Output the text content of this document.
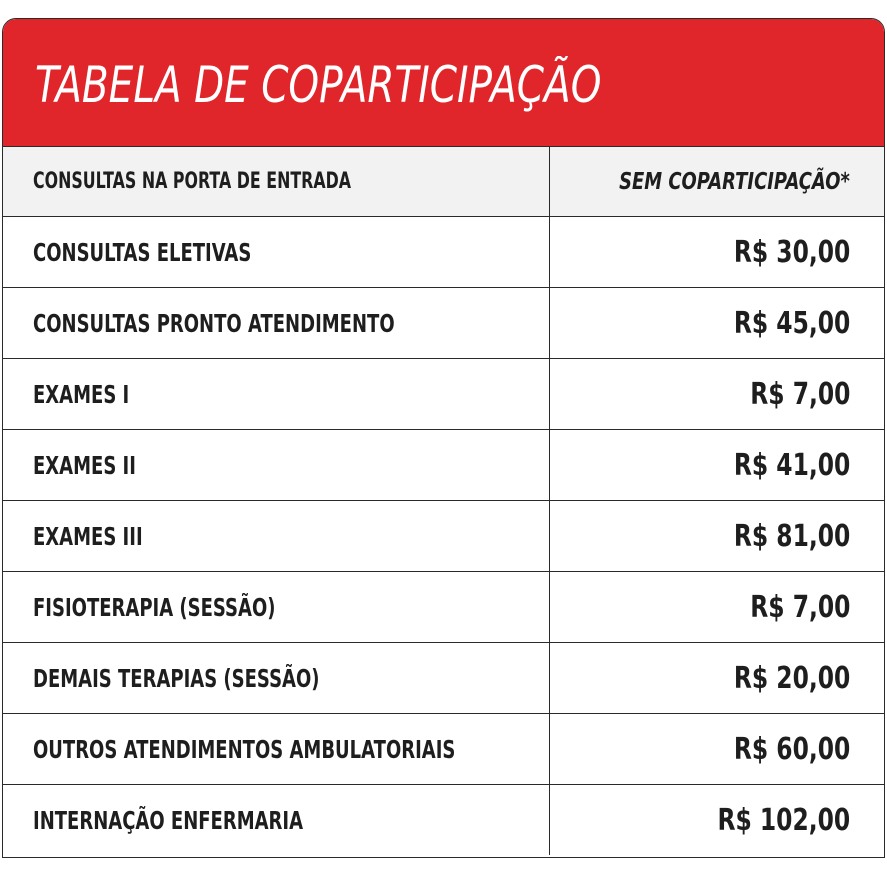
TABELA DE COPARTICIPAÇÃO
CONSULTAS NA PORTA DE ENTRADA	SEM COPARTICIPAÇÃO*
CONSULTAS ELETIVAS	R$ 30,00
CONSULTAS PRONTO ATENDIMENTO	R$ 45,00
EXAMES I	R$ 7,00
EXAMES II	R$ 41,00
EXAMES III	R$ 81,00
FISIOTERAPIA (SESSÃO)	R$ 7,00
DEMAIS TERAPIAS (SESSÃO)	R$ 20,00
OUTROS ATENDIMENTOS AMBULATORIAIS	R$ 60,00
INTERNAÇÃO ENFERMARIA	R$ 102,00
